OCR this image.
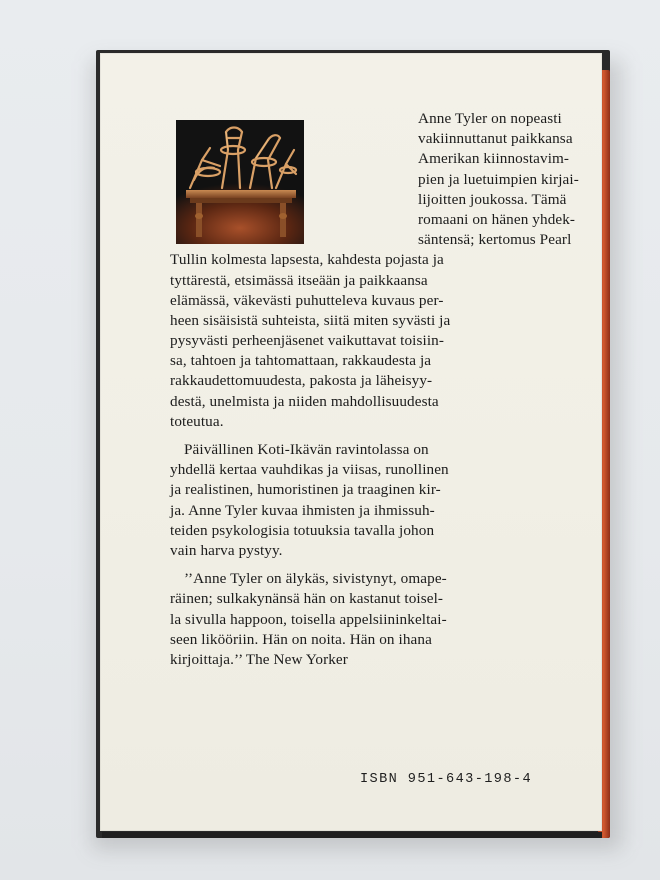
Anne Tyler on nopeasti
vakiinnuttanut paikkansa
Amerikan kiinnostavim-
pien ja luetuimpien kirjai-
lijoitten joukossa. Tämä
romaani on hänen yhdek-
säntensä; kertomus Pearl
Tullin kolmesta lapsesta, kahdesta pojasta ja
tyttärestä, etsimässä itseään ja paikkaansa
elämässä, väkevästi puhutteleva kuvaus per-
heen sisäisistä suhteista, siitä miten syvästi ja
pysyvästi perheenjäsenet vaikuttavat toisiin-
sa, tahtoen ja tahtomattaan, rakkaudesta ja
rakkaudettomuudesta, pakosta ja läheisyy-
destä, unelmista ja niiden mahdollisuudesta
toteutua.
Päivällinen Koti-Ikävän ravintolassa on
yhdellä kertaa vauhdikas ja viisas, runollinen
ja realistinen, humoristinen ja traaginen kir-
ja. Anne Tyler kuvaa ihmisten ja ihmissuh-
teiden psykologisia totuuksia tavalla johon
vain harva pystyy.
’’Anne Tyler on älykäs, sivistynyt, omape-
räinen; sulkakynänsä hän on kastanut toisel-
la sivulla happoon, toisella appelsiininkeltai-
seen likööriin. Hän on noita. Hän on ihana
kirjoittaja.’’ The New Yorker

ISBN 951-643-198-4
